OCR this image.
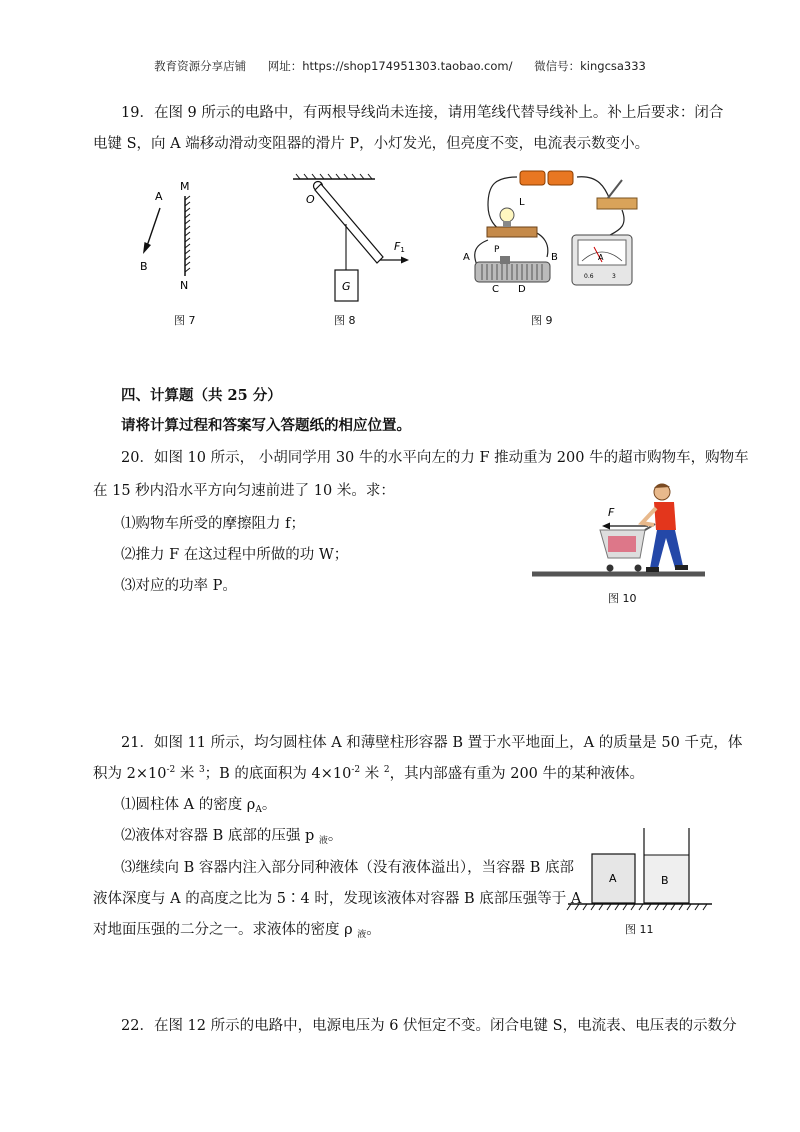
教育资源分享店铺 网址：https://shop174951303.taobao.com/ 微信号：kingcsa333
19．在图 9 所示的电路中，有两根导线尚未连接，请用笔线代替导线补上。补上后要求：闭合
电键 S，向 A 端移动滑动变阻器的滑片 P，小灯发光，但亮度不变，电流表示数变小。
A
B
M
N
图 7
O
G
F1
图 8
L
A	B
P
C D
A
0.6	3
图 9
四、计算题（共 25 分）
请将计算过程和答案写入答题纸的相应位置。
20．如图 10 所示， 小胡同学用 30 牛的水平向左的力 F 推动重为 200 牛的超市购物车，购物车
在 15 秒内沿水平方向匀速前进了 10 米。求：
⑴购物车所受的摩擦阻力 f；
⑵推力 F 在这过程中所做的功 W；
⑶对应的功率 P。
F
图 10
21．如图 11 所示，均匀圆柱体 A 和薄壁柱形容器 B 置于水平地面上，A 的质量是 50 千克，体
积为 $2\times 10^{-2}$ 米 $^3$；B 的底面积为 $4\times 10^{-2}$ 米 $^2$，其内部盛有重为 200 牛的某种液体。
⑴圆柱体 A 的密度 $\rho_A$。
⑵液体对容器 B 底部的压强 p $_液$。
⑶继续向 B 容器内注入部分同种液体（没有液体溢出），当容器 B 底部
液体深度与 A 的高度之比为 5∶4 时，发现该液体对容器 B 底部压强等于 A
对地面压强的二分之一。求液体的密度 ρ $_液$。
A	B
图 11
22．在图 12 所示的电路中，电源电压为 6 伏恒定不变。闭合电键 S，电流表、电压表的示数分
